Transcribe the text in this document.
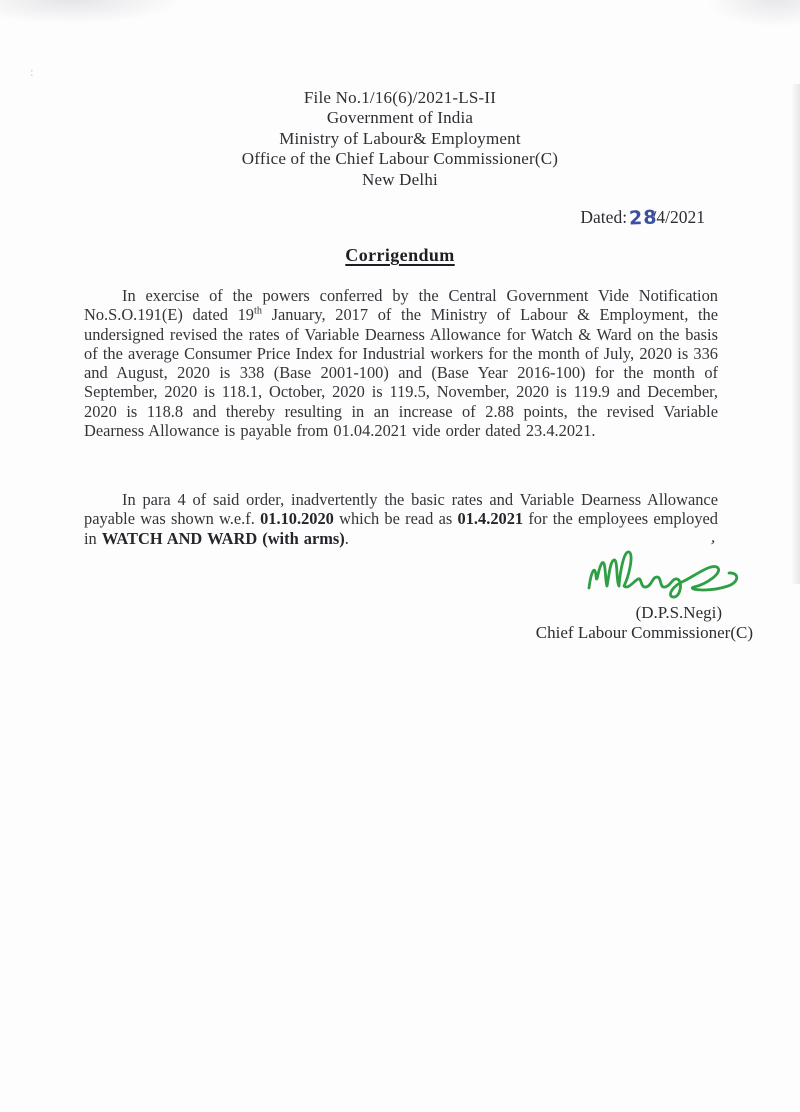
:
File No.1/16(6)/2021-LS-II
Government of India
Ministry of Labour& Employment
Office of the Chief Labour Commissioner(C)
New Delhi
Dated:28/4/2021
Corrigendum
In exercise of the powers conferred by the Central Government Vide Notification No.S.O.191(E) dated 19th January, 2017 of the Ministry of Labour & Employment, the undersigned revised the rates of Variable Dearness Allowance for Watch & Ward on the basis of the average Consumer Price Index for Industrial workers for the month of July, 2020 is 336 and August, 2020 is 338 (Base 2001-100) and (Base Year 2016-100) for the month of September, 2020 is 118.1, October, 2020 is 119.5, November, 2020 is 119.9 and December, 2020 is 118.8 and thereby resulting in an increase of 2.88 points, the revised Variable Dearness Allowance is payable from 01.04.2021 vide order dated 23.4.2021.
In para 4 of said order, inadvertently the basic rates and Variable Dearness Allowance payable was shown w.e.f. 01.10.2020 which be read as 01.4.2021 for the employees employed in WATCH AND WARD (with arms).	,
(D.P.S.Negi)
Chief Labour Commissioner(C)
